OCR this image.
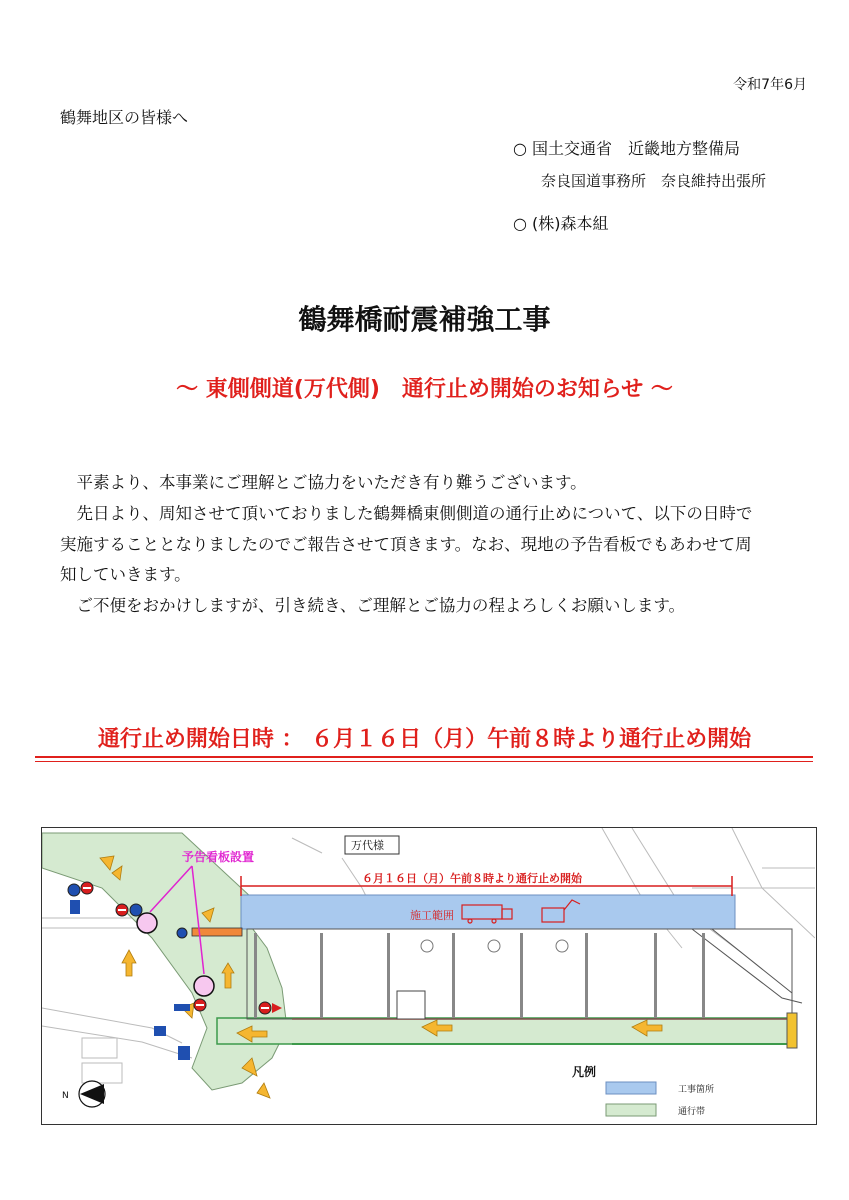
令和7年6月
鶴舞地区の皆様へ
○ 国土交通省　近畿地方整備局
奈良国道事務所　奈良維持出張所
○ (株)森本組
鶴舞橋耐震補強工事
～ 東側側道(万代側)　通行止め開始のお知らせ ～
平素より、本事業にご理解とご協力をいただき有り難うございます。
先日より、周知させて頂いておりました鶴舞橋東側側道の通行止めについて、以下の日時で実施することとなりましたのでご報告させて頂きます。なお、現地の予告看板でもあわせて周知していきます。
ご不便をおかけしますが、引き続き、ご理解とご協力の程よろしくお願いします。
通行止め開始日時 ： ６月１６日（月）午前８時より通行止め開始
施工範囲
６月１６日（月）午前８時より通行止め開始
予告看板設置
万代様
N
凡例
工事箇所
通行帯
